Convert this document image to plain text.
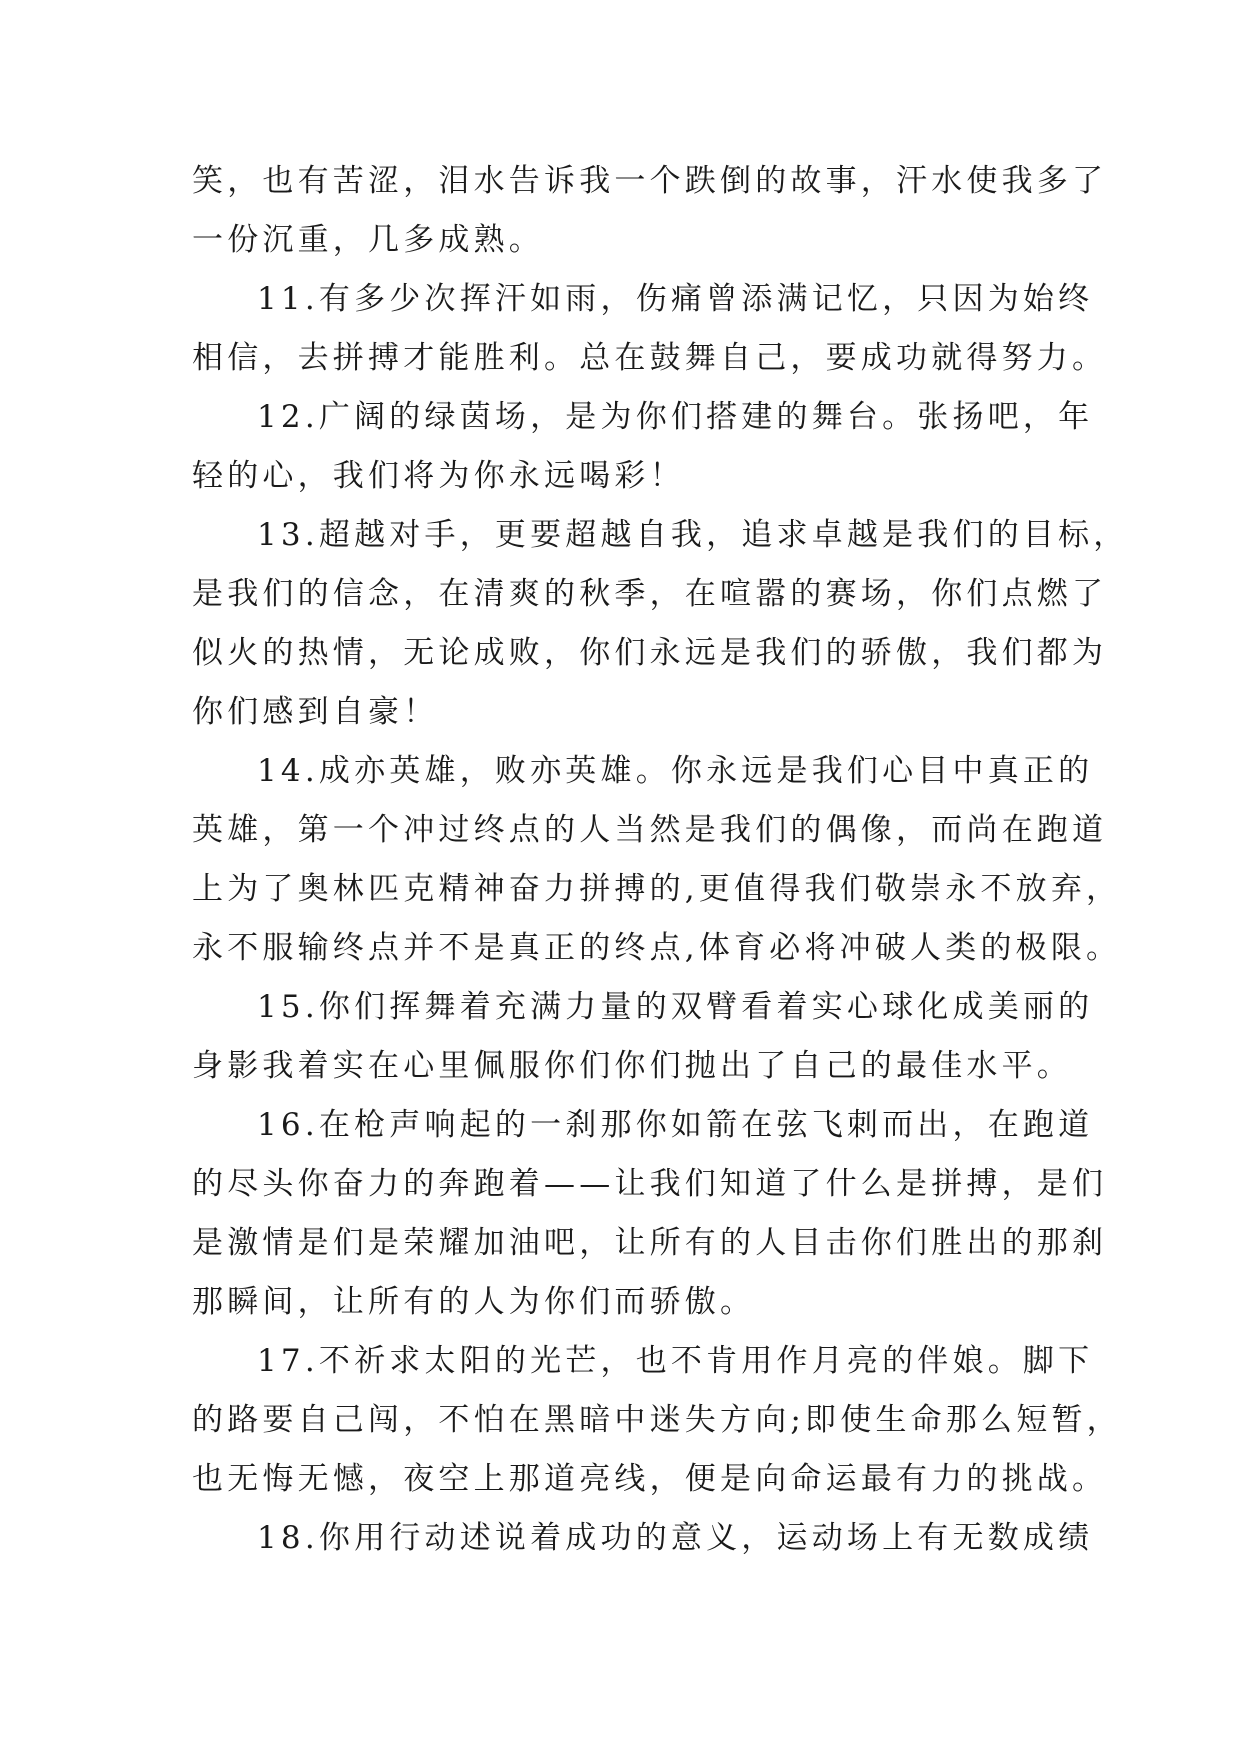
笑，也有苦涩，泪水告诉我一个跌倒的故事，汗水使我多了
一份沉重，几多成熟。
11.有多少次挥汗如雨，伤痛曾添满记忆，只因为始终
相信，去拼搏才能胜利。总在鼓舞自己，要成功就得努力。
12.广阔的绿茵场，是为你们搭建的舞台。张扬吧，年
轻的心，我们将为你永远喝彩！
13.超越对手，更要超越自我，追求卓越是我们的目标，
是我们的信念，在清爽的秋季，在喧嚣的赛场，你们点燃了
似火的热情，无论成败，你们永远是我们的骄傲，我们都为
你们感到自豪！
14.成亦英雄，败亦英雄。你永远是我们心目中真正的
英雄，第一个冲过终点的人当然是我们的偶像，而尚在跑道
上为了奥林匹克精神奋力拼搏的,更值得我们敬崇永不放弃，
永不服输终点并不是真正的终点,体育必将冲破人类的极限。
15.你们挥舞着充满力量的双臂看着实心球化成美丽的
身影我着实在心里佩服你们你们抛出了自己的最佳水平。
16.在枪声响起的一刹那你如箭在弦飞刺而出，在跑道
的尽头你奋力的奔跑着——让我们知道了什么是拼搏，是们
是激情是们是荣耀加油吧，让所有的人目击你们胜出的那刹
那瞬间，让所有的人为你们而骄傲。
17.不祈求太阳的光芒，也不肯用作月亮的伴娘。脚下
的路要自己闯，不怕在黑暗中迷失方向;即使生命那么短暂，
也无悔无憾，夜空上那道亮线，便是向命运最有力的挑战。
18.你用行动述说着成功的意义，运动场上有无数成绩
